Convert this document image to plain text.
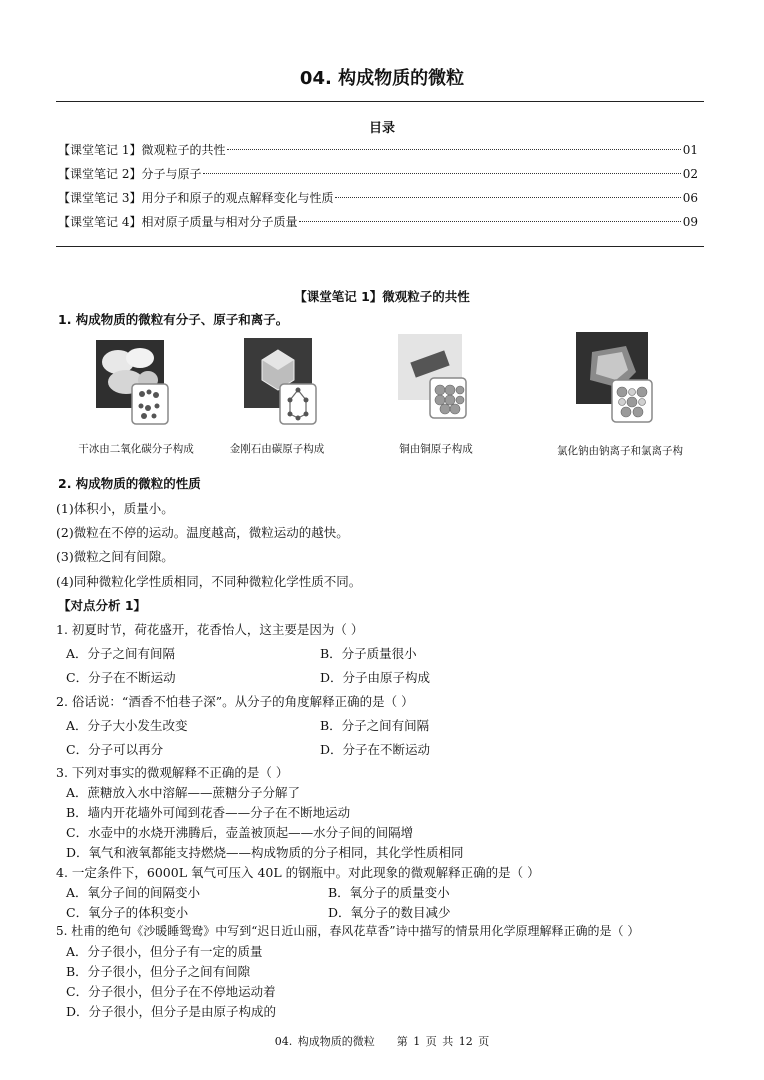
04. 构成物质的微粒
目录
【课堂笔记 1】微观粒子的共性	01
【课堂笔记 2】分子与原子	02
【课堂笔记 3】用分子和原子的观点解释变化与性质	06
【课堂笔记 4】相对原子质量与相对分子质量	09
【课堂笔记 1】微观粒子的共性
1. 构成物质的微粒有分子、原子和离子。
干冰由二氧化碳分子构成	金刚石由碳原子构成	铜由铜原子构成	氯化钠由钠离子和氯离子构
2. 构成物质的微粒的性质
(1)体积小，质量小。
(2)微粒在不停的运动。温度越高，微粒运动的越快。
(3)微粒之间有间隙。
(4)同种微粒化学性质相同，不同种微粒化学性质不同。
【对点分析 1】
1. 初夏时节，荷花盛开，花香怡人，这主要是因为（ ）
A．分子之间有间隔	B．分子质量很小
C．分子在不断运动	D．分子由原子构成
2. 俗话说：“酒香不怕巷子深”。从分子的角度解释正确的是（ ）
A．分子大小发生改变	B．分子之间有间隔
C．分子可以再分	D．分子在不断运动
3. 下列对事实的微观解释不正确的是（ ）
A．蔗糖放入水中溶解——蔗糖分子分解了
B．墙内开花墙外可闻到花香——分子在不断地运动
C．水壶中的水烧开沸腾后，壶盖被顶起——水分子间的间隔增
D．氧气和液氧都能支持燃烧——构成物质的分子相同，其化学性质相同
4. 一定条件下，6000L 氧气可压入 40L 的钢瓶中。对此现象的微观解释正确的是（ ）
A．氧分子间的间隔变小	B．氧分子的质量变小
C．氧分子的体积变小	D．氧分子的数目减少
5. 杜甫的绝句《沙暖睡鸳鸯》中写到“迟日近山丽，春风花草香”诗中描写的情景用化学原理解释正确的是（ ）
A．分子很小，但分子有一定的质量
B．分子很小，但分子之间有间隙
C．分子很小，但分子在不停地运动着
D．分子很小，但分子是由原子构成的
04. 构成物质的微粒    第 1 页 共 12 页
